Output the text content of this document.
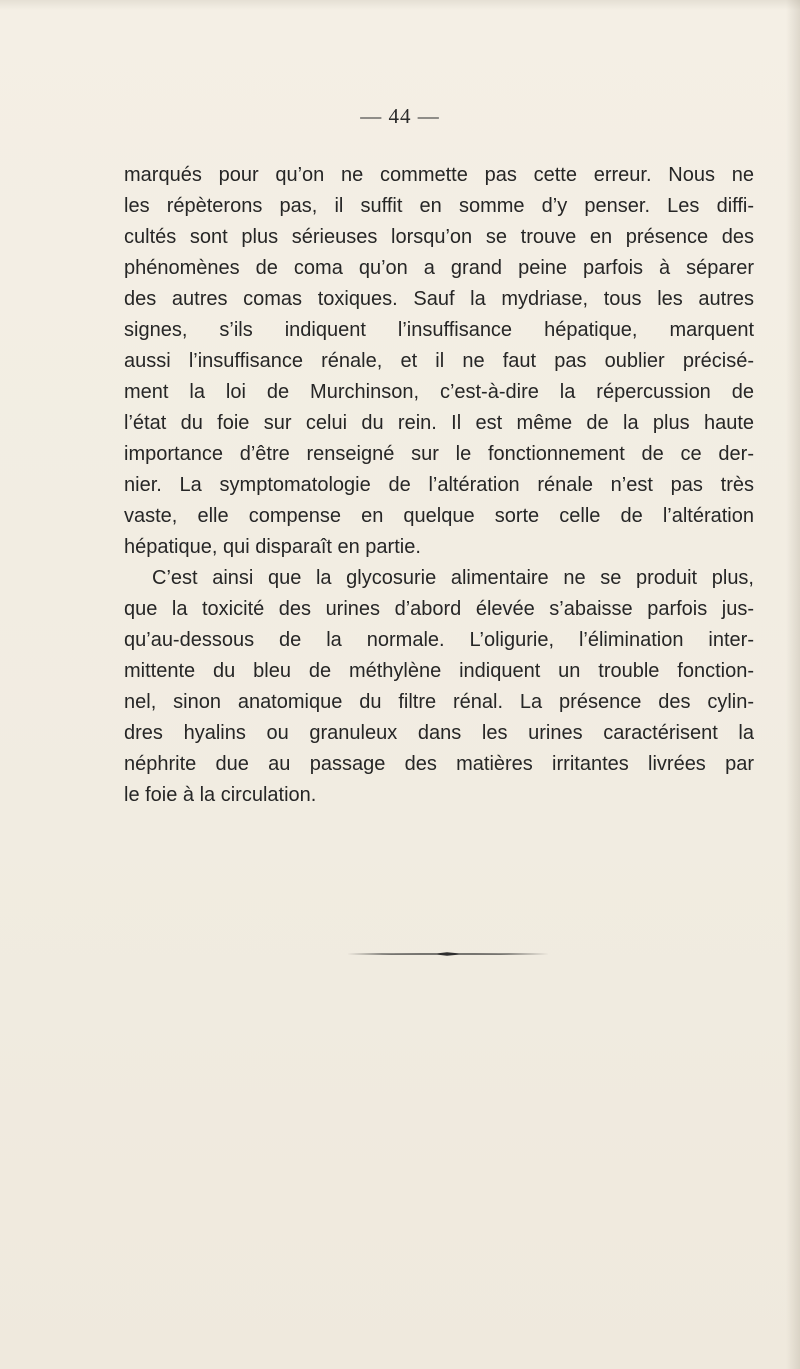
— 44 —
marqués pour qu’on ne commette pas cette erreur. Nous ne
les répèterons pas, il suffit en somme d’y penser. Les diffi-
cultés sont plus sérieuses lorsqu’on se trouve en présence des
phénomènes de coma qu’on a grand peine parfois à séparer
des autres comas toxiques. Sauf la mydriase, tous les autres
signes, s’ils indiquent l’insuffisance hépatique, marquent
aussi l’insuffisance rénale, et il ne faut pas oublier précisé-
ment la loi de Murchinson, c’est-à-dire la répercussion de
l’état du foie sur celui du rein. Il est même de la plus haute
importance d’être renseigné sur le fonctionnement de ce der-
nier. La symptomatologie de l’altération rénale n’est pas très
vaste, elle compense en quelque sorte celle de l’altération
hépatique, qui disparaît en partie.
C’est ainsi que la glycosurie alimentaire ne se produit plus,
que la toxicité des urines d’abord élevée s’abaisse parfois jus-
qu’au-dessous de la normale. L’oligurie, l’élimination inter-
mittente du bleu de méthylène indiquent un trouble fonction-
nel, sinon anatomique du filtre rénal. La présence des cylin-
dres hyalins ou granuleux dans les urines caractérisent la
néphrite due au passage des matières irritantes livrées par
le foie à la circulation.
